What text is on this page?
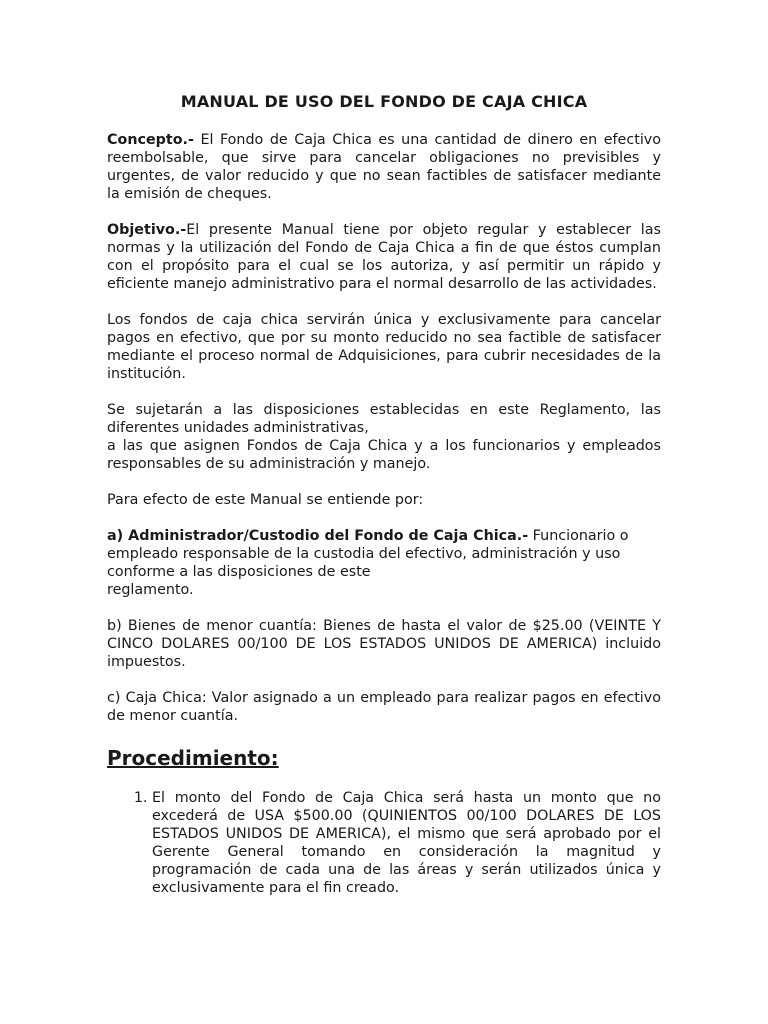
MANUAL DE USO DEL FONDO DE CAJA CHICA

Concepto.- El Fondo de Caja Chica es una cantidad de dinero en efectivo reembolsable, que sirve para cancelar obligaciones no previsibles y urgentes, de valor reducido y que no sean factibles de satisfacer mediante la emisión de cheques.

Objetivo.-El presente Manual tiene por objeto regular y establecer las normas y la utilización del Fondo de Caja Chica a fin de que éstos cumplan con el propósito para el cual se los autoriza, y así permitir un rápido y eficiente manejo administrativo para el normal desarrollo de las actividades.

Los fondos de caja chica servirán única y exclusivamente para cancelar pagos en efectivo, que por su monto reducido no sea factible de satisfacer mediante el proceso normal de Adquisiciones, para cubrir necesidades de la institución.

Se sujetarán a las disposiciones establecidas en este Reglamento, las diferentes unidades administrativas,
a las que asignen Fondos de Caja Chica y a los funcionarios y empleados responsables de su administración y manejo.

Para efecto de este Manual se entiende por:

a) Administrador/Custodio del Fondo de Caja Chica.- Funcionario o empleado responsable de la custodia del efectivo, administración y uso conforme a las disposiciones de este
reglamento.

b) Bienes de menor cuantía: Bienes de hasta el valor de $25.00 (VEINTE Y CINCO DOLARES 00/100 DE LOS ESTADOS UNIDOS DE AMERICA) incluido impuestos.

c) Caja Chica: Valor asignado a un empleado para realizar pagos en efectivo de menor cuantía.

Procedimiento:
1. El monto del Fondo de Caja Chica será hasta un monto que no excederá de USA $500.00 (QUINIENTOS 00/100 DOLARES DE LOS ESTADOS UNIDOS DE AMERICA), el mismo que será aprobado por el Gerente General tomando en consideración la magnitud y programación de cada una de las áreas y serán utilizados única y exclusivamente para el fin creado.
